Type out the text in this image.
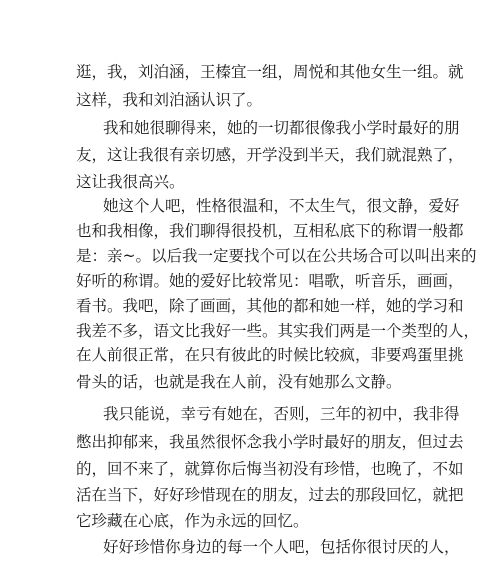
逛，我，刘泊涵，王榛宜一组，周悦和其他女生一组。就
这样，我和刘泊涵认识了。
我和她很聊得来，她的一切都很像我小学时最好的朋
友，这让我很有亲切感，开学没到半天，我们就混熟了，
这让我很高兴。
她这个人吧，性格很温和，不太生气，很文静，爱好
也和我相像，我们聊得很投机，互相私底下的称谓一般都
是：亲~。以后我一定要找个可以在公共场合可以叫出来的
好听的称谓。她的爱好比较常见：唱歌，听音乐，画画，
看书。我吧，除了画画，其他的都和她一样，她的学习和
我差不多，语文比我好一些。其实我们两是一个类型的人，
在人前很正常，在只有彼此的时候比较疯，非要鸡蛋里挑
骨头的话，也就是我在人前，没有她那么文静。
我只能说，幸亏有她在，否则，三年的初中，我非得
憋出抑郁来，我虽然很怀念我小学时最好的朋友，但过去
的，回不来了，就算你后悔当初没有珍惜，也晚了，不如
活在当下，好好珍惜现在的朋友，过去的那段回忆，就把
它珍藏在心底，作为永远的回忆。
好好珍惜你身边的每一个人吧，包括你很讨厌的人，
